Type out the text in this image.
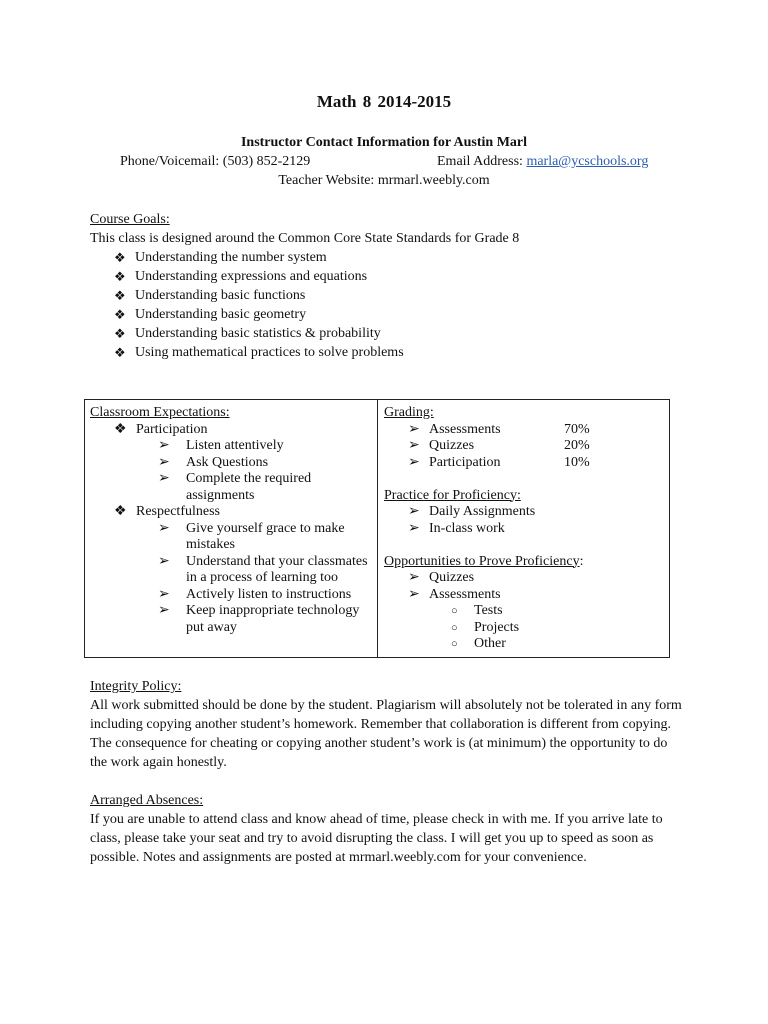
Math 8 2014-2015
Instructor Contact Information for Austin Marl
Phone/Voicemail: (503) 852-2129	Email Address: marla@ycschools.org
Teacher Website: mrmarl.weebly.com
Course Goals:
This class is designed around the Common Core State Standards for Grade 8
❖ Understanding the number system
❖ Understanding expressions and equations
❖ Understanding basic functions
❖ Understanding basic geometry
❖ Understanding basic statistics & probability
❖ Using mathematical practices to solve problems
Classroom Expectations:
❖ Participation
➢ Listen attentively
➢ Ask Questions
➢ Complete the required
assignments
❖ Respectfulness
➢ Give yourself grace to make
mistakes
➢ Understand that your classmates
in a process of learning too
➢ Actively listen to instructions
➢ Keep inappropriate technology
put away
Grading:
➢ Assessments	70%
➢ Quizzes	20%
➢ Participation	10%
Practice for Proficiency:
➢ Daily Assignments
➢ In-class work
Opportunities to Prove Proficiency:
➢ Quizzes
➢ Assessments
○ Tests
○ Projects
○ Other
Integrity Policy:
All work submitted should be done by the student. Plagiarism will absolutely not be tolerated in any form
including copying another student’s homework. Remember that collaboration is different from copying.
The consequence for cheating or copying another student’s work is (at minimum) the opportunity to do
the work again honestly.
Arranged Absences:
If you are unable to attend class and know ahead of time, please check in with me. If you arrive late to
class, please take your seat and try to avoid disrupting the class. I will get you up to speed as soon as
possible. Notes and assignments are posted at mrmarl.weebly.com for your convenience.
